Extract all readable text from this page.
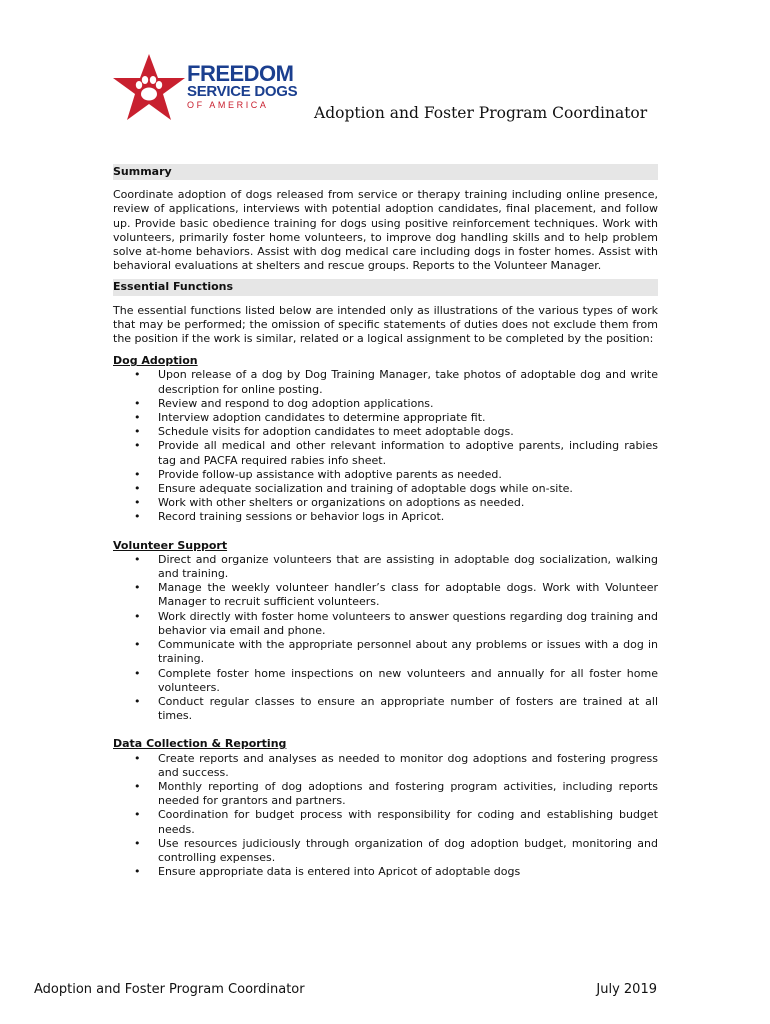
FREEDOM
SERVICE DOGS
OF AMERICA	Adoption and Foster Program Coordinator
Summary
Coordinate adoption of dogs released from service or therapy training including online presence, review of applications, interviews with potential adoption candidates, final placement, and follow up. Provide basic obedience training for dogs using positive reinforcement techniques. Work with volunteers, primarily foster home volunteers, to improve dog handling skills and to help problem solve at-home behaviors. Assist with dog medical care including dogs in foster homes. Assist with behavioral evaluations at shelters and rescue groups. Reports to the Volunteer Manager.
Essential Functions
The essential functions listed below are intended only as illustrations of the various types of work that may be performed; the omission of specific statements of duties does not exclude them from the position if the work is similar, related or a logical assignment to be completed by the position:
Dog Adoption
• Upon release of a dog by Dog Training Manager, take photos of adoptable dog and write description for online posting.
• Review and respond to dog adoption applications.
• Interview adoption candidates to determine appropriate fit.
• Schedule visits for adoption candidates to meet adoptable dogs.
• Provide all medical and other relevant information to adoptive parents, including rabies tag and PACFA required rabies info sheet.
• Provide follow-up assistance with adoptive parents as needed.
• Ensure adequate socialization and training of adoptable dogs while on-site.
• Work with other shelters or organizations on adoptions as needed.
• Record training sessions or behavior logs in Apricot.
Volunteer Support
• Direct and organize volunteers that are assisting in adoptable dog socialization, walking and training.
• Manage the weekly volunteer handler’s class for adoptable dogs. Work with Volunteer Manager to recruit sufficient volunteers.
• Work directly with foster home volunteers to answer questions regarding dog training and behavior via email and phone.
• Communicate with the appropriate personnel about any problems or issues with a dog in training.
• Complete foster home inspections on new volunteers and annually for all foster home volunteers.
• Conduct regular classes to ensure an appropriate number of fosters are trained at all times.
Data Collection & Reporting
• Create reports and analyses as needed to monitor dog adoptions and fostering progress and success.
• Monthly reporting of dog adoptions and fostering program activities, including reports needed for grantors and partners.
• Coordination for budget process with responsibility for coding and establishing budget needs.
• Use resources judiciously through organization of dog adoption budget, monitoring and controlling expenses.
• Ensure appropriate data is entered into Apricot of adoptable dogs
Adoption and Foster Program Coordinator	July 2019
